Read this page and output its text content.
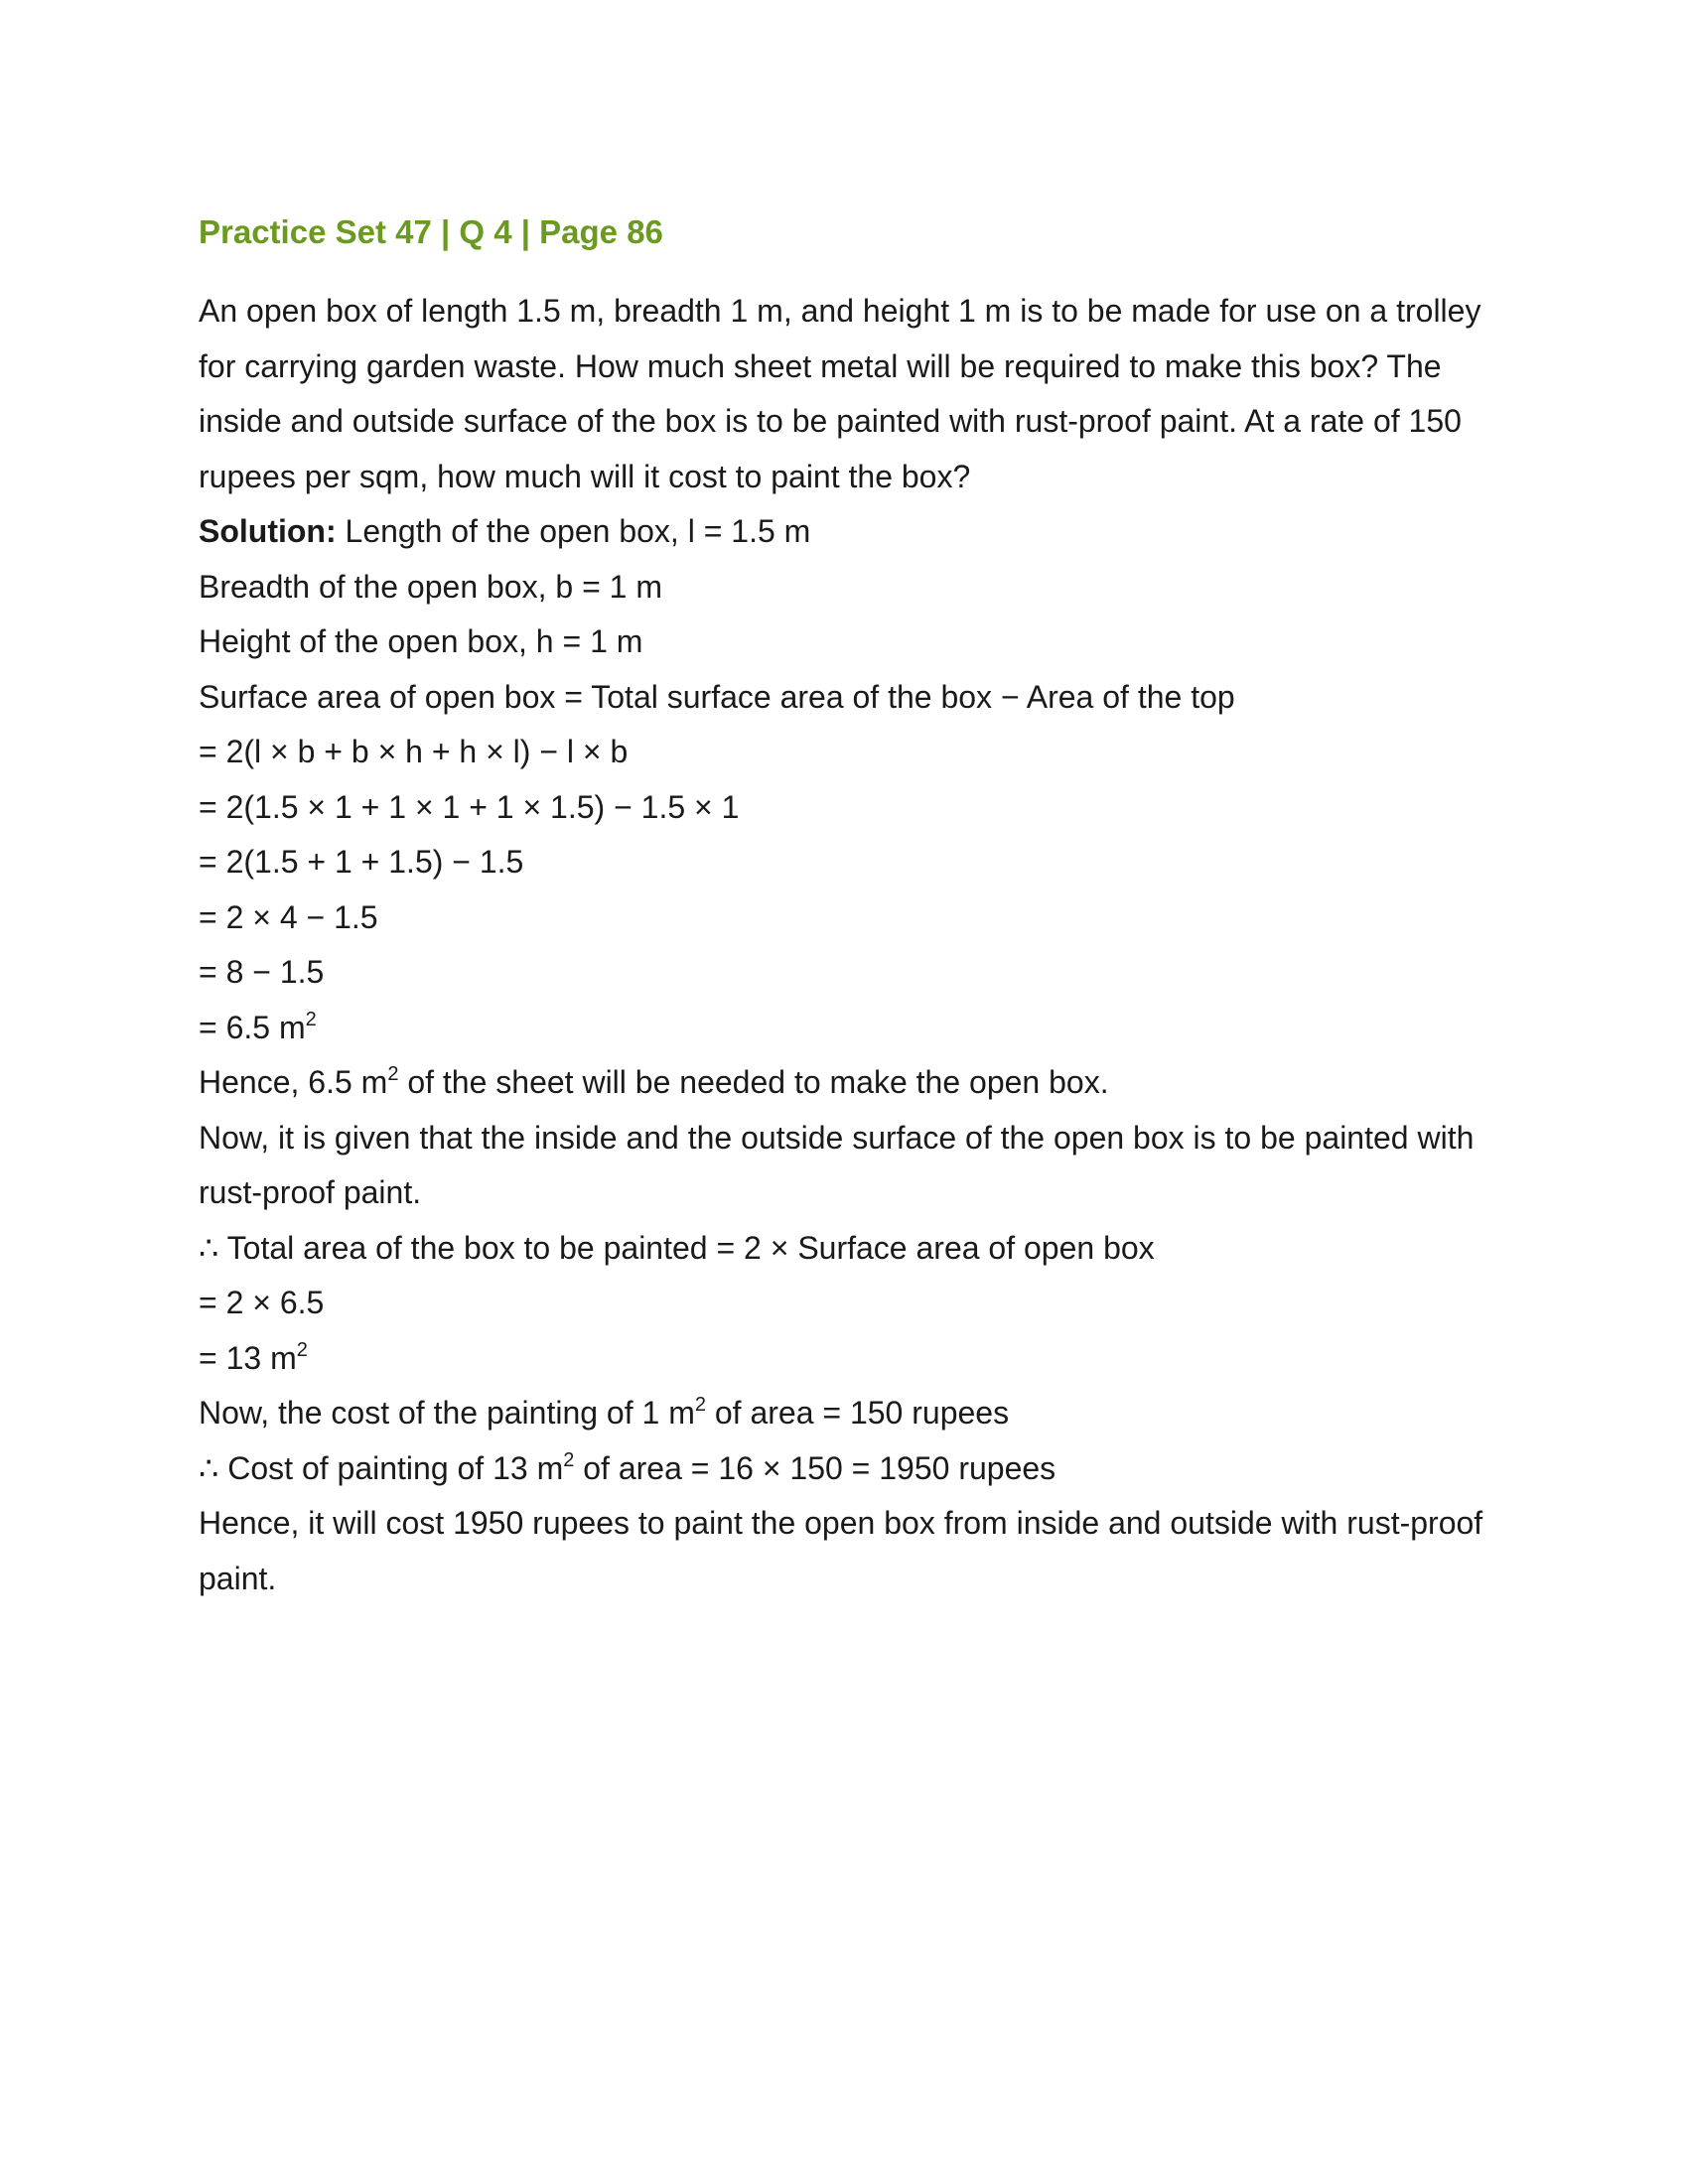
Practice Set 47 | Q 4 | Page 86

An open box of length 1.5 m, breadth 1 m, and height 1 m is to be made for use on a trolley for carrying garden waste. How much sheet metal will be required to make this box? The inside and outside surface of the box is to be painted with rust-proof paint. At a rate of 150 rupees per sqm, how much will it cost to paint the box?

Solution: Length of the open box, l = 1.5 m

Breadth of the open box, b = 1 m

Height of the open box, h = 1 m

Surface area of open box = Total surface area of the box − Area of the top

= 2(l × b + b × h + h × l) − l × b

= 2(1.5 × 1 + 1 × 1 + 1 × 1.5) − 1.5 × 1

= 2(1.5 + 1 + 1.5) − 1.5

= 2 × 4 − 1.5

= 8 − 1.5

= 6.5 $m^2$

Hence, 6.5 $m^2$ of the sheet will be needed to make the open box.

Now, it is given that the inside and the outside surface of the open box is to be painted with rust-proof paint.

∴ Total area of the box to be painted = 2 × Surface area of open box

= 2 × 6.5

= 13 $m^2$

Now, the cost of the painting of 1 $m^2$ of area = 150 rupees

∴ Cost of painting of 13 $m^2$ of area = 16 × 150 = 1950 rupees

Hence, it will cost 1950 rupees to paint the open box from inside and outside with rust-proof paint.
